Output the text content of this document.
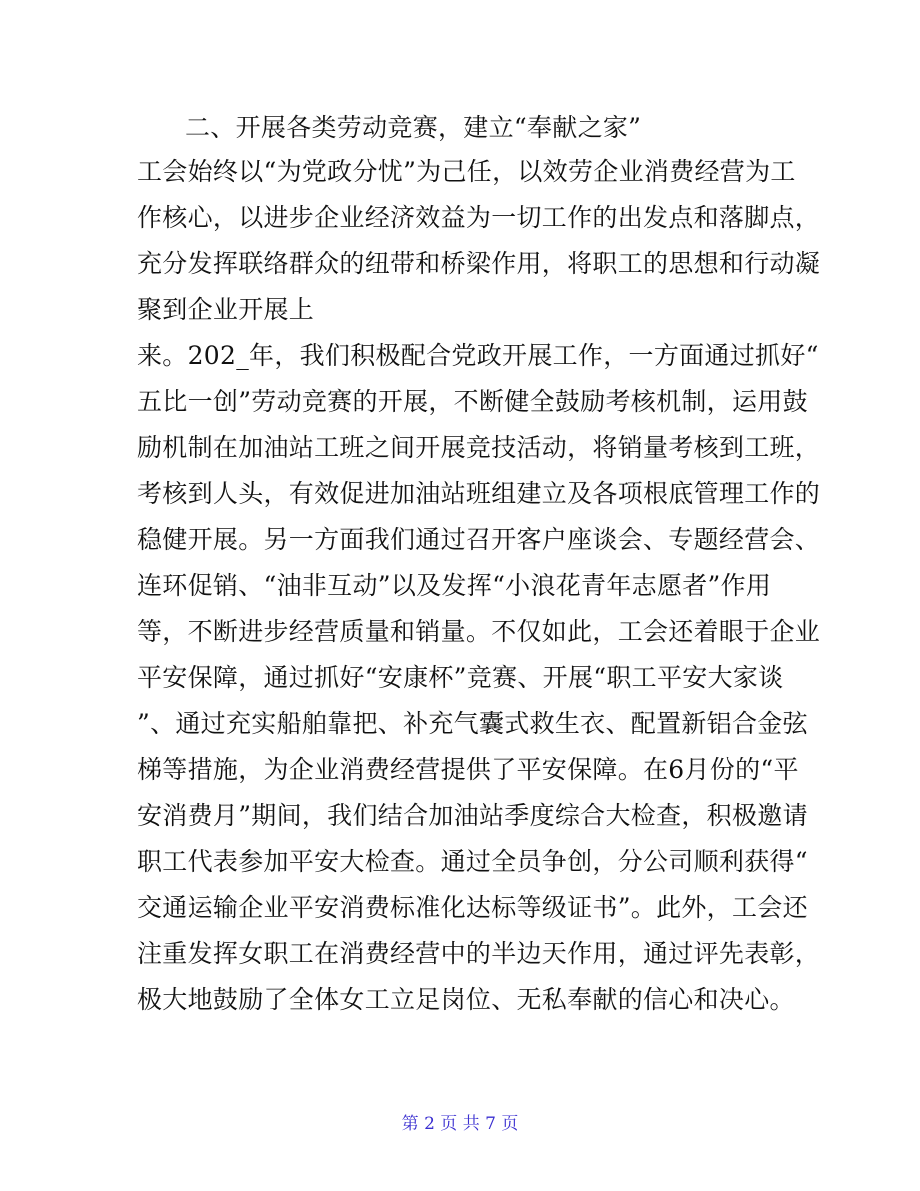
二、开展各类劳动竞赛，建立“奉献之家”
工会始终以“为党政分忧”为己任，以效劳企业消费经营为工
作核心，以进步企业经济效益为一切工作的出发点和落脚点，
充分发挥联络群众的纽带和桥梁作用，将职工的思想和行动凝
聚到企业开展上
来。202_年，我们积极配合党政开展工作，一方面通过抓好“
五比一创”劳动竞赛的开展，不断健全鼓励考核机制，运用鼓
励机制在加油站工班之间开展竞技活动，将销量考核到工班，
考核到人头，有效促进加油站班组建立及各项根底管理工作的
稳健开展。另一方面我们通过召开客户座谈会、专题经营会、
连环促销、“油非互动”以及发挥“小浪花青年志愿者”作用
等，不断进步经营质量和销量。不仅如此，工会还着眼于企业
平安保障，通过抓好“安康杯”竞赛、开展“职工平安大家谈
”、通过充实船舶靠把、补充气囊式救生衣、配置新铝合金弦
梯等措施，为企业消费经营提供了平安保障。在6月份的“平
安消费月”期间，我们结合加油站季度综合大检查，积极邀请
职工代表参加平安大检查。通过全员争创，分公司顺利获得“
交通运输企业平安消费标准化达标等级证书”。此外，工会还
注重发挥女职工在消费经营中的半边天作用，通过评先表彰，
极大地鼓励了全体女工立足岗位、无私奉献的信心和决心。
第 2 页 共 7 页
